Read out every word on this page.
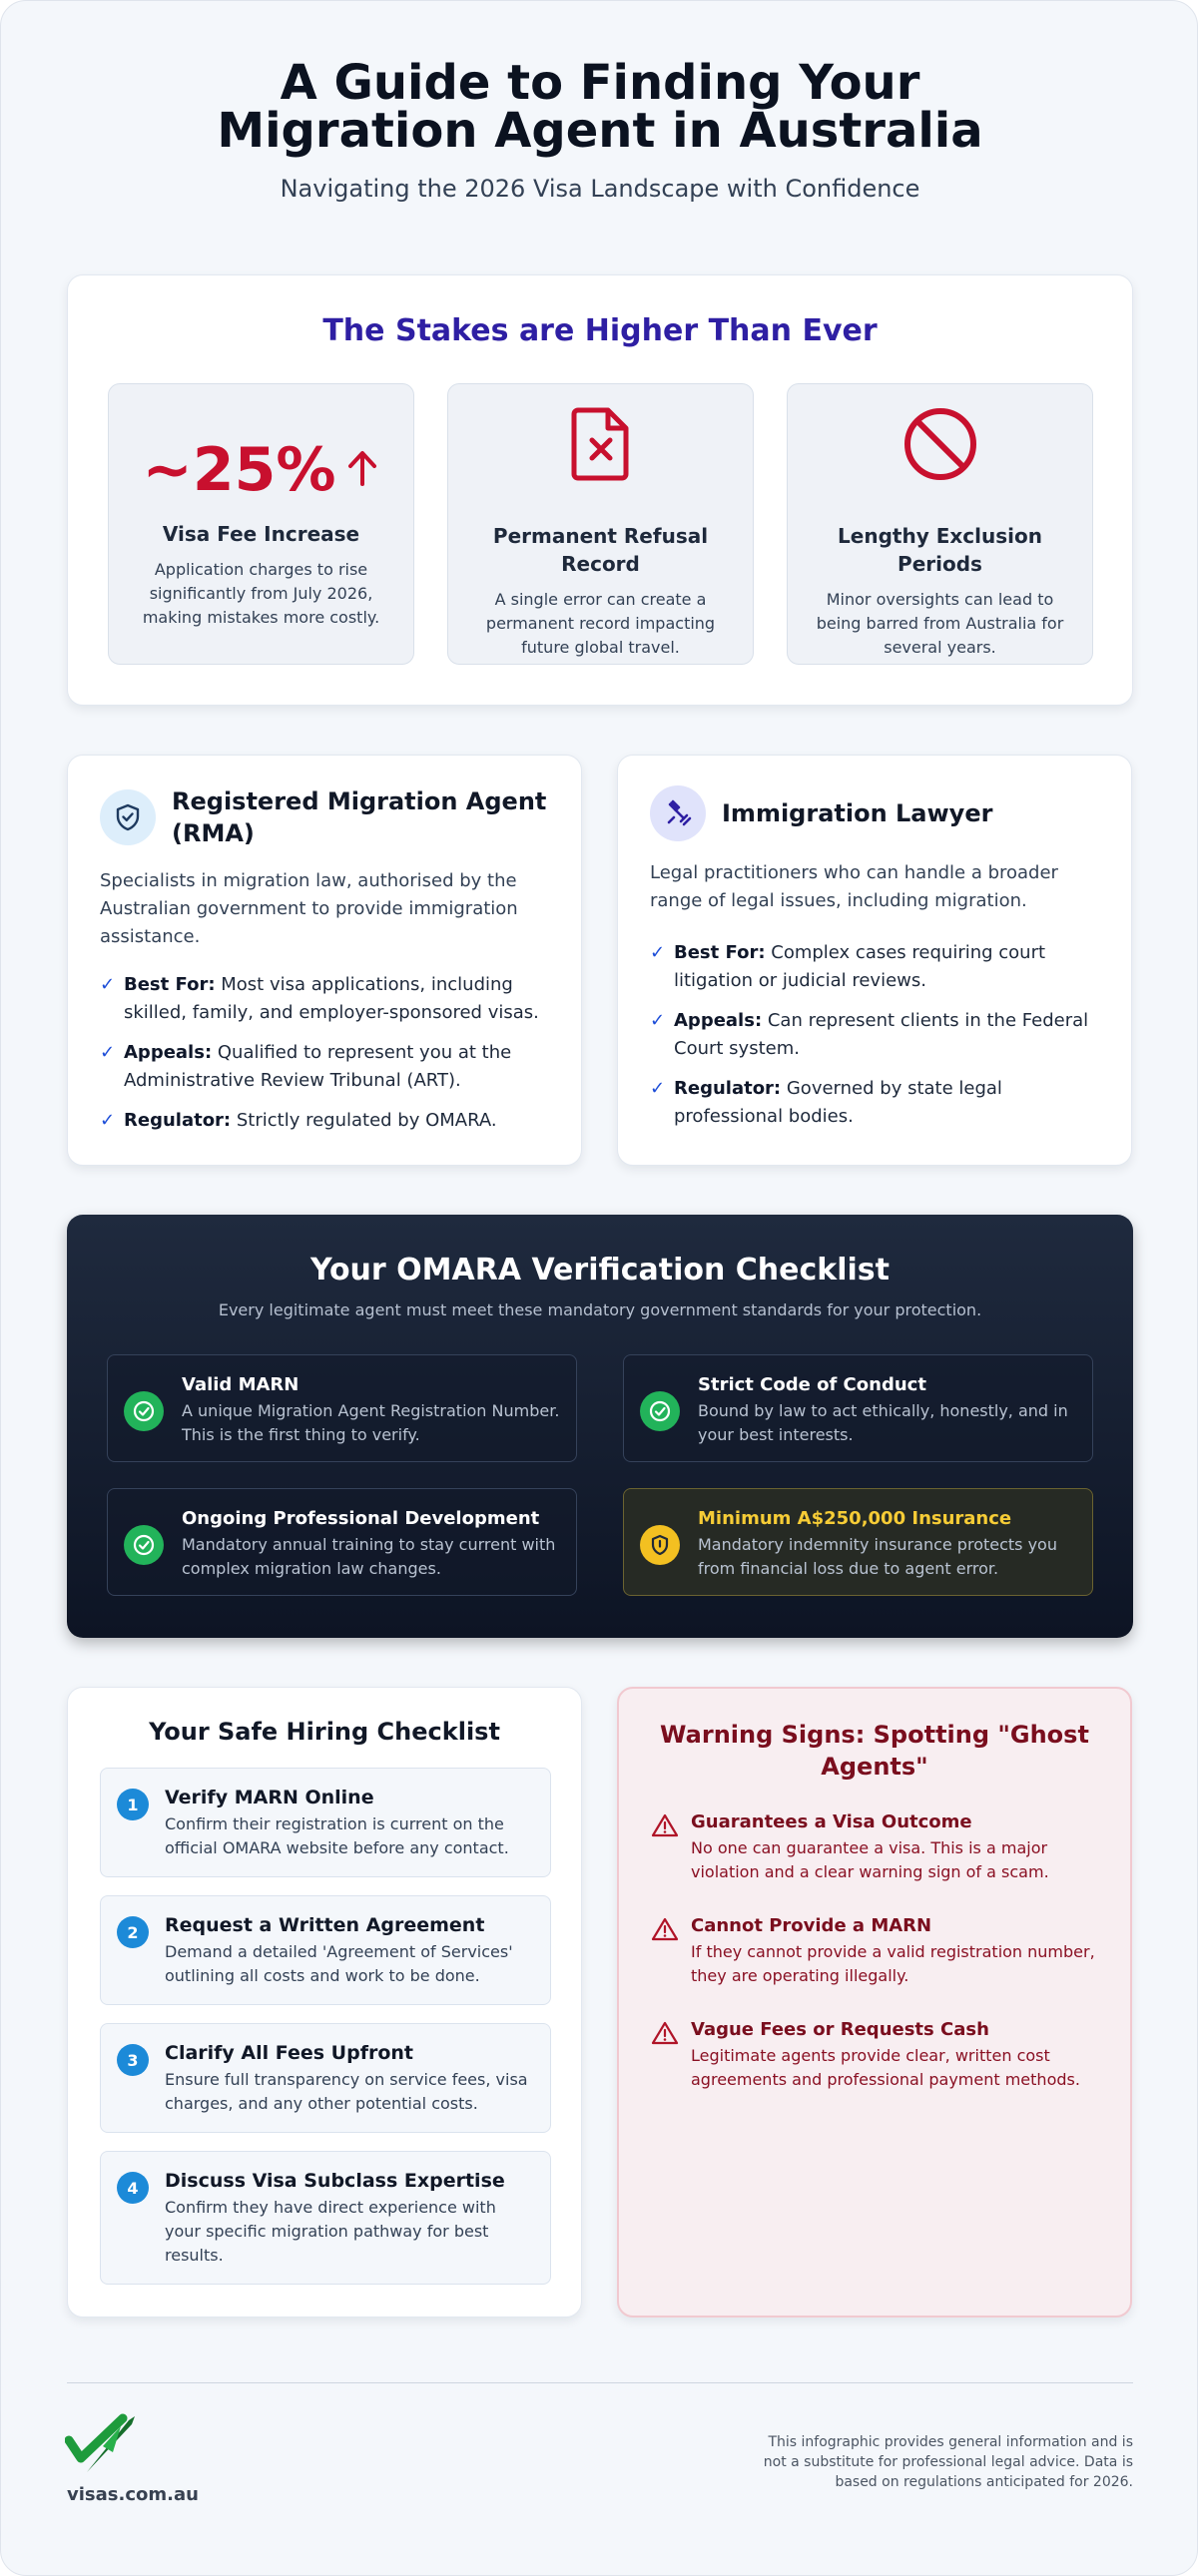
A Guide to Finding Your Migration Agent in Australia
Navigating the 2026 Visa Landscape with Confidence
The Stakes are Higher Than Ever
~25%
Visa Fee Increase

Application charges to rise significantly from July 2026, making mistakes more costly.

Permanent Refusal Record

A single error can create a permanent record impacting future global travel.

Lengthy Exclusion Periods

Minor oversights can lead to being barred from Australia for several years.

Registered Migration Agent (RMA)

Specialists in migration law, authorised by the Australian government to provide immigration assistance.

✓ Best For: Most visa applications, including skilled, family, and employer-sponsored visas.
✓ Appeals: Qualified to represent you at the Administrative Review Tribunal (ART).
✓ Regulator: Strictly regulated by OMARA.
Immigration Lawyer

Legal practitioners who can handle a broader range of legal issues, including migration.

✓ Best For: Complex cases requiring court litigation or judicial reviews.
✓ Appeals: Can represent clients in the Federal Court system.
✓ Regulator: Governed by state legal professional bodies.
Your OMARA Verification Checklist
Every legitimate agent must meet these mandatory government standards for your protection.
Valid MARN

A unique Migration Agent Registration Number. This is the first thing to verify.

Strict Code of Conduct

Bound by law to act ethically, honestly, and in your best interests.

Ongoing Professional Development

Mandatory annual training to stay current with complex migration law changes.

Minimum A$250,000 Insurance

Mandatory indemnity insurance protects you from financial loss due to agent error.

Your Safe Hiring Checklist
1	Verify MARN Online

Confirm their registration is current on the official OMARA website before any contact.

2	Request a Written Agreement

Demand a detailed 'Agreement of Services' outlining all costs and work to be done.

3	Clarify All Fees Upfront

Ensure full transparency on service fees, visa charges, and any other potential costs.

4	Discuss Visa Subclass Expertise

Confirm they have direct experience with your specific migration pathway for best results.

Warning Signs: Spotting "Ghost Agents"
Guarantees a Visa Outcome

No one can guarantee a visa. This is a major violation and a clear warning sign of a scam.

Cannot Provide a MARN

If they cannot provide a valid registration number, they are operating illegally.

Vague Fees or Requests Cash

Legitimate agents provide clear, written cost agreements and professional payment methods.

visas.com.au
This infographic provides general information and is not a substitute for professional legal advice. Data is based on regulations anticipated for 2026.
